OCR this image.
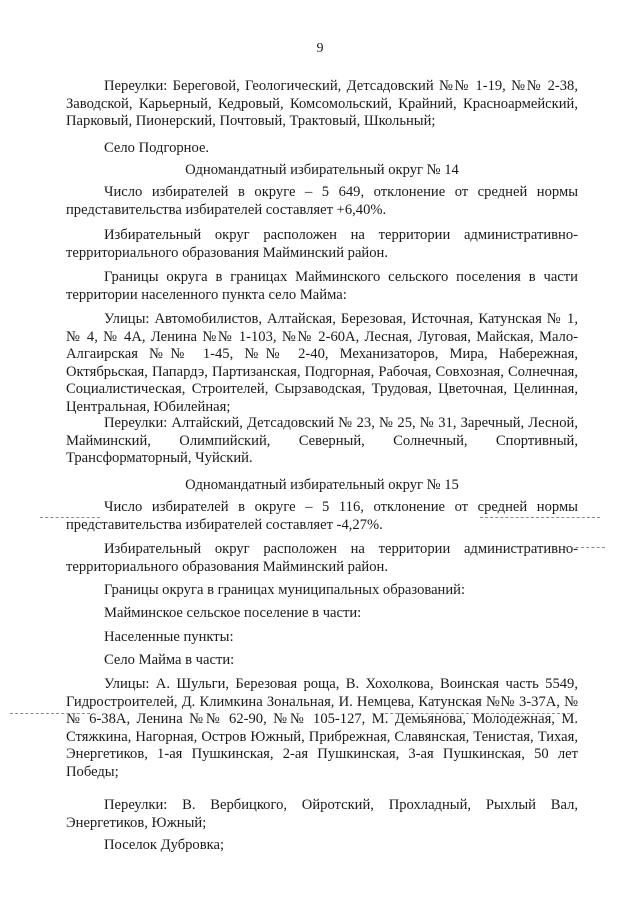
9
Переулки: Береговой, Геологический, Детсадовский №№ 1-19, №№ 2-38, Заводской, Карьерный, Кедровый, Комсомольский, Крайний, Красноармейский, Парковый, Пионерский, Почтовый, Трактовый, Школьный;
Село Подгорное.
Одномандатный избирательный округ № 14
Число избирателей в округе – 5 649, отклонение от средней нормы представительства избирателей составляет +6,40%.
Избирательный округ расположен на территории административно-территориального образования Майминский район.
Границы округа в границах Майминского сельского поселения в части территории населенного пункта село Майма:
Улицы: Автомобилистов, Алтайская, Березовая, Источная, Катунская № 1, № 4, № 4А, Ленина №№ 1-103, №№ 2-60А, Лесная, Луговая, Майская, Мало-Алгаирская №№ 1-45, №№ 2-40, Механизаторов, Мира, Набережная, Октябрьская, Папардэ, Партизанская, Подгорная, Рабочая, Совхозная, Солнечная, Социалистическая, Строителей, Сырзаводская, Трудовая, Цветочная, Целинная, Центральная, Юбилейная;
Переулки: Алтайский, Детсадовский № 23, № 25, № 31, Заречный, Лесной, Майминский, Олимпийский, Северный, Солнечный, Спортивный, Трансформаторный, Чуйский.
Одномандатный избирательный округ № 15
Число избирателей в округе – 5 116, отклонение от средней нормы представительства избирателей составляет -4,27%.
Избирательный округ расположен на территории административно-территориального образования Майминский район.
Границы округа в границах муниципальных образований:
Майминское сельское поселение в части:
Населенные пункты:
Село Майма в части:
Улицы: А. Шульги, Березовая роща, В. Хохолкова, Воинская часть 5549, Гидростроителей, Д. Климкина Зональная, И. Немцева, Катунская №№ 3-37А, №№ 6-38А, Ленина №№ 62-90, №№ 105-127, М. Демьянова, Молодежная, М. Стяжкина, Нагорная, Остров Южный, Прибрежная, Славянская, Тенистая, Тихая, Энергетиков, 1-ая Пушкинская, 2-ая Пушкинская, 3-ая Пушкинская, 50 лет Победы;
Переулки: В. Вербицкого, Ойротский, Прохладный, Рыхлый Вал, Энергетиков, Южный;
Поселок Дубровка;
